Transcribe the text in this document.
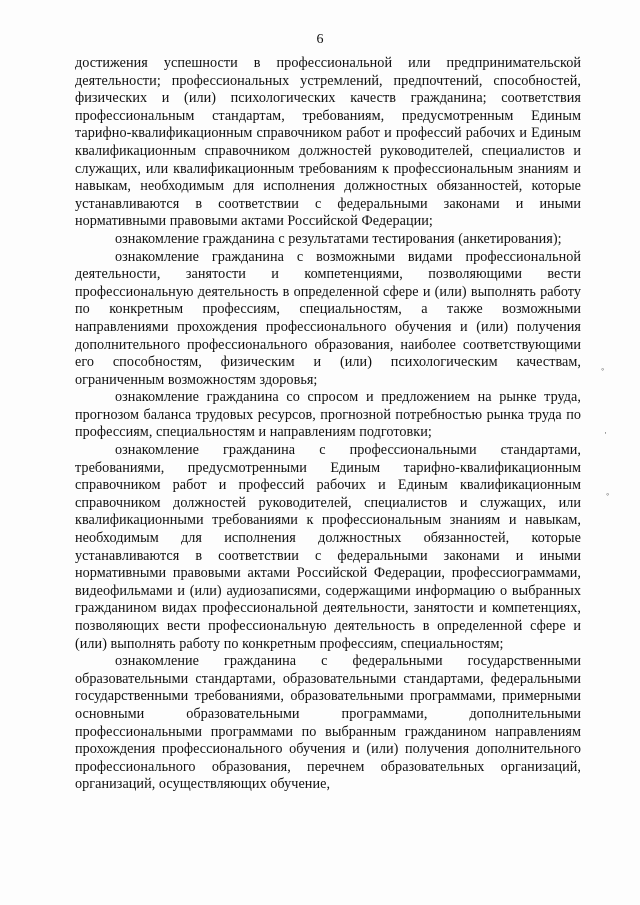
6

достижения успешности в профессиональной или предпринимательской деятельности; профессиональных устремлений, предпочтений, способностей, физических и (или) психологических качеств гражданина; соответствия профессиональным стандартам, требованиям, предусмотренным Единым тарифно-квалификационным справочником работ и профессий рабочих и Единым квалификационным справочником должностей руководителей, специалистов и служащих, или квалификационным требованиям к профессиональным знаниям и навыкам, необходимым для исполнения должностных обязанностей, которые устанавливаются в соответствии с федеральными законами и иными нормативными правовыми актами Российской Федерации;

ознакомление гражданина с результатами тестирования (анкетирования);

ознакомление гражданина с возможными видами профессиональной деятельности, занятости и компетенциями, позволяющими вести профессиональную деятельность в определенной сфере и (или) выполнять работу по конкретным профессиям, специальностям, а также возможными направлениями прохождения профессионального обучения и (или) получения дополнительного профессионального образования, наиболее соответствующими его способностям, физическим и (или) психологическим качествам, ограниченным возможностям здоровья;

ознакомление гражданина со спросом и предложением на рынке труда, прогнозом баланса трудовых ресурсов, прогнозной потребностью рынка труда по профессиям, специальностям и направлениям подготовки;

ознакомление гражданина с профессиональными стандартами, требованиями, предусмотренными Единым тарифно-квалификационным справочником работ и профессий рабочих и Единым квалификационным справочником должностей руководителей, специалистов и служащих, или квалификационными требованиями к профессиональным знаниям и навыкам, необходимым для исполнения должностных обязанностей, которые устанавливаются в соответствии с федеральными законами и иными нормативными правовыми актами Российской Федерации, профессиограммами, видеофильмами и (или) аудиозаписями, содержащими информацию о выбранных гражданином видах профессиональной деятельности, занятости и компетенциях, позволяющих вести профессиональную деятельность в определенной сфере и (или) выполнять работу по конкретным профессиям, специальностям;

ознакомление гражданина с федеральными государственными образовательными стандартами, образовательными стандартами, федеральными государственными требованиями, образовательными программами, примерными основными образовательными программами, дополнительными профессиональными программами по выбранным гражданином направлениям прохождения профессионального обучения и (или) получения дополнительного профессионального образования, перечнем образовательных организаций, организаций, осуществляющих обучение,

◦
·
◦
